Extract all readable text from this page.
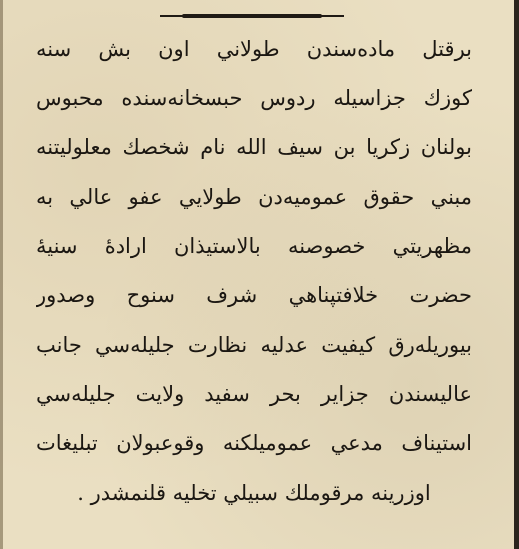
برقتل ماده‌سندن طولاني اون بش سنه
كوزك جزاسيله ردوس حبسخانه‌سنده محبوس
بولنان زكريا بن سيف الله نام شخصك معلوليتنه
مبني حقوق عموميه‌دن طولايي عفو عالي به
مظهريتي خصوصنه بالاستيذان ارادهٔ سنيهٔ
حضرت خلافتپناهي شرف سنوح وصدور
بيوريله‌رق كيفيت عدليه نظارت جليله‌سي جانب
عاليسندن جزاير بحر سفيد ولايت جليله‌سي
استيناف مدعي عموميلكنه وقوعبولان تبليغات
اوزرينه مرقوملك سبيلي تخليه قلنمشدر .
